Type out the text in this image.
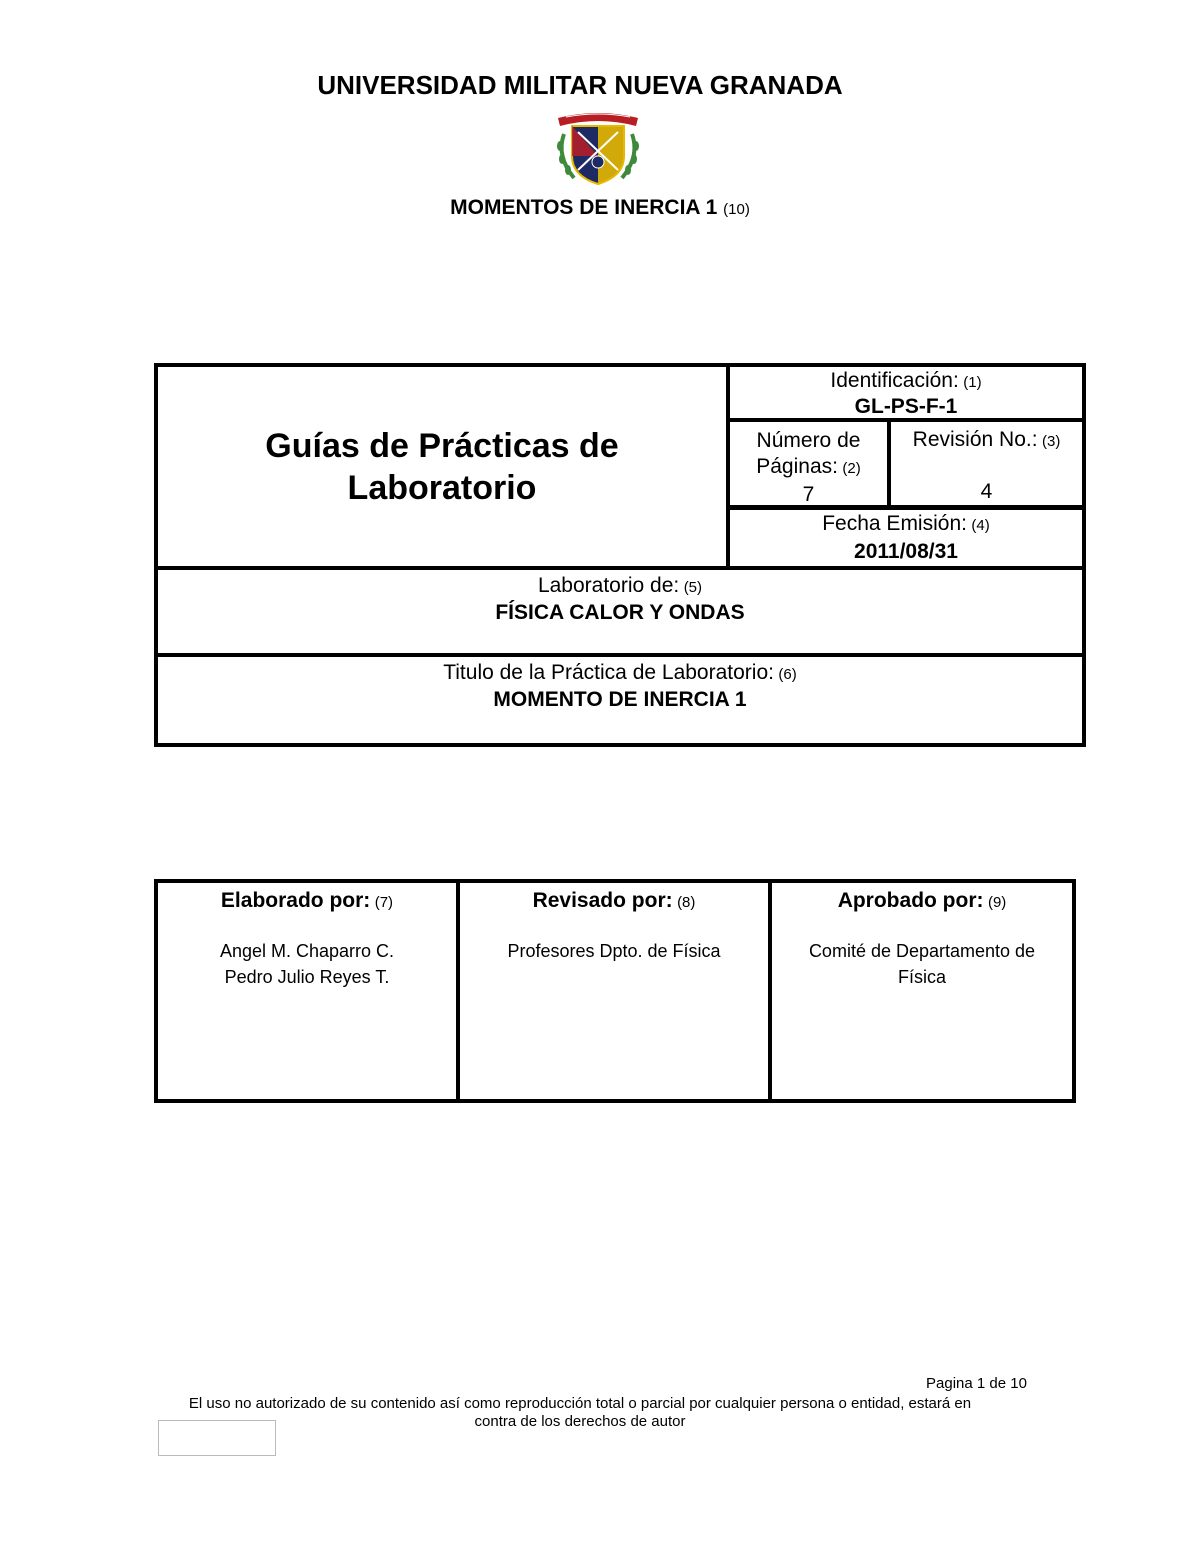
UNIVERSIDAD MILITAR NUEVA GRANADA
MOMENTOS DE INERCIA 1 (10)
Guías de Prácticas de
Laboratorio
Identificación: (1)
GL-PS-F-1
Número de
Páginas: (2)
7
Revisión No.: (3)
4
Fecha Emisión: (4)
2011/08/31
Laboratorio de: (5)
FÍSICA CALOR Y ONDAS
Titulo de la Práctica de Laboratorio: (6)
MOMENTO DE INERCIA 1
Elaborado por: (7)
Angel M. Chaparro C.
Pedro Julio Reyes T.
Revisado por: (8)
Profesores Dpto. de Física
Aprobado por: (9)
Comité de Departamento de
Física
Pagina 1 de 10
El uso no autorizado de su contenido así como reproducción total o parcial por cualquier persona o entidad, estará en
contra de los derechos de autor
